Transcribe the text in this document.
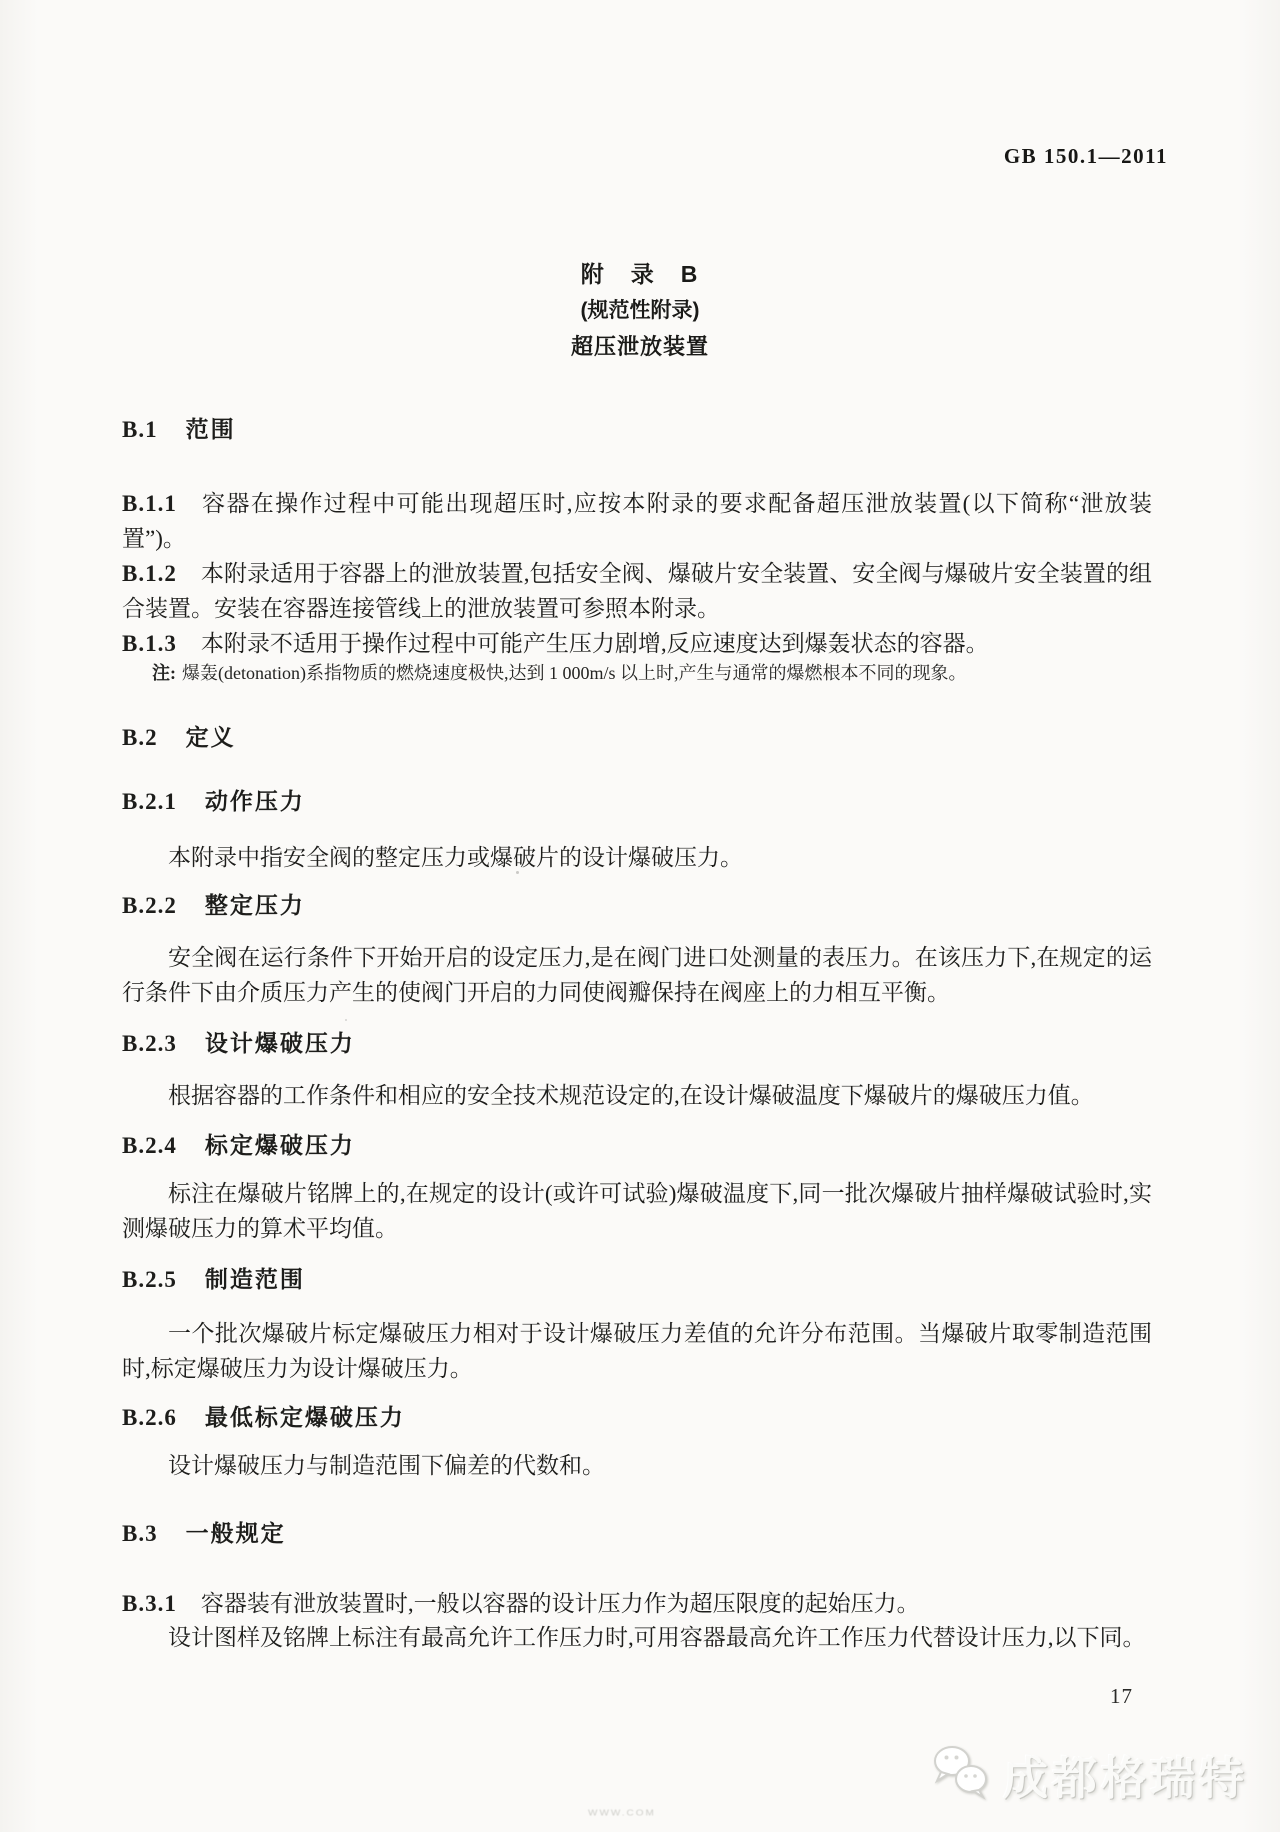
GB 150.1—2011
附　录　B
(规范性附录)
超压泄放装置
B.1 范围
B.1.1 容器在操作过程中可能出现超压时,应按本附录的要求配备超压泄放装置(以下简称“泄放装置”)。
B.1.2 本附录适用于容器上的泄放装置,包括安全阀、爆破片安全装置、安全阀与爆破片安全装置的组合装置。安装在容器连接管线上的泄放装置可参照本附录。
B.1.3 本附录不适用于操作过程中可能产生压力剧增,反应速度达到爆轰状态的容器。
注: 爆轰(detonation)系指物质的燃烧速度极快,达到 1 000m/s 以上时,产生与通常的爆燃根本不同的现象。
B.2 定义
B.2.1 动作压力
本附录中指安全阀的整定压力或爆破片的设计爆破压力。
B.2.2 整定压力
安全阀在运行条件下开始开启的设定压力,是在阀门进口处测量的表压力。在该压力下,在规定的运行条件下由介质压力产生的使阀门开启的力同使阀瓣保持在阀座上的力相互平衡。
B.2.3 设计爆破压力
根据容器的工作条件和相应的安全技术规范设定的,在设计爆破温度下爆破片的爆破压力值。
B.2.4 标定爆破压力
标注在爆破片铭牌上的,在规定的设计(或许可试验)爆破温度下,同一批次爆破片抽样爆破试验时,实测爆破压力的算术平均值。
B.2.5 制造范围
一个批次爆破片标定爆破压力相对于设计爆破压力差值的允许分布范围。当爆破片取零制造范围时,标定爆破压力为设计爆破压力。
B.2.6 最低标定爆破压力
设计爆破压力与制造范围下偏差的代数和。
B.3 一般规定
B.3.1 容器装有泄放装置时,一般以容器的设计压力作为超压限度的起始压力。
设计图样及铭牌上标注有最高允许工作压力时,可用容器最高允许工作压力代替设计压力,以下同。
17
成都格瑞特
WWW.COM
